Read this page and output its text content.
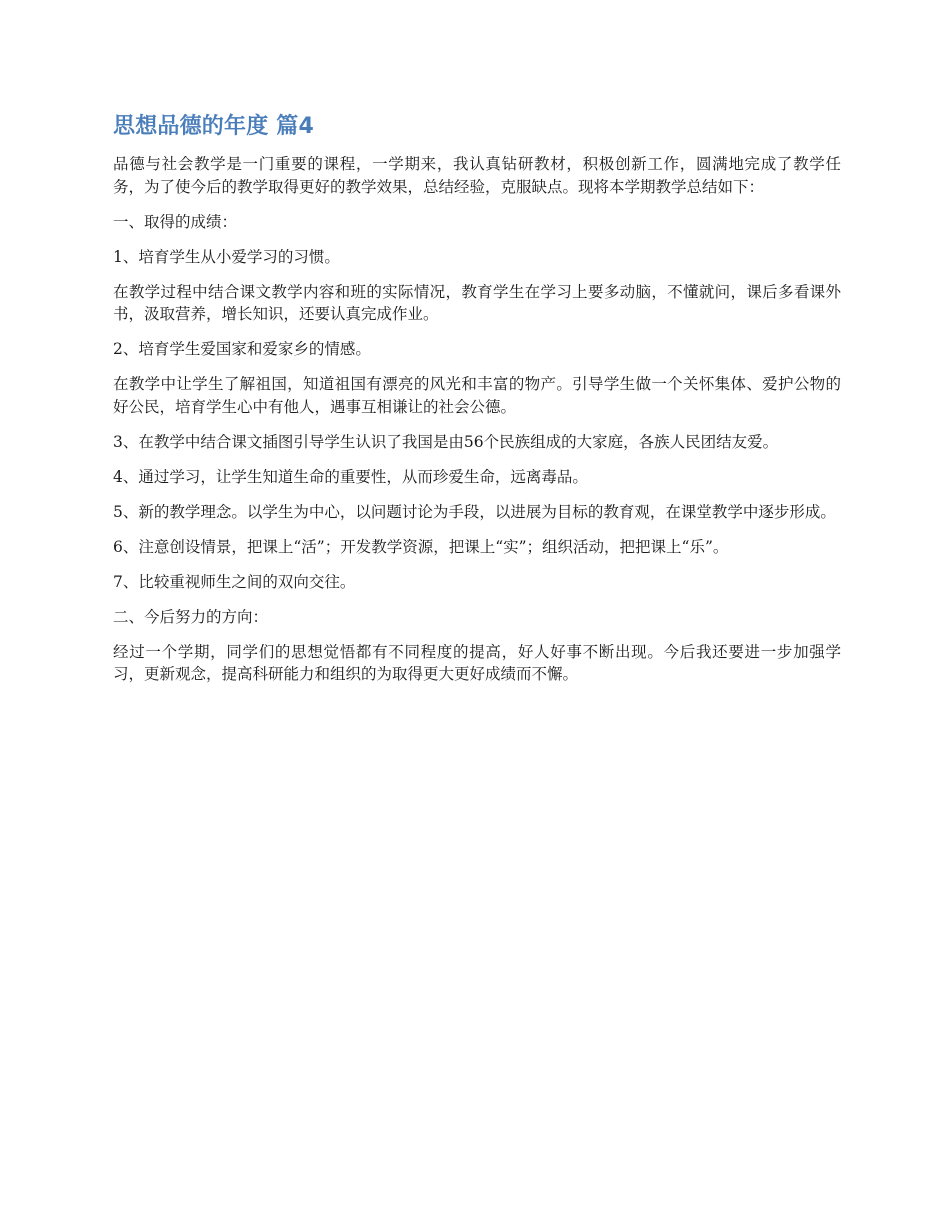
思想品德的年度 篇4

品德与社会教学是一门重要的课程，一学期来，我认真钻研教材，积极创新工作，圆满地完成了教学任务，为了使今后的教学取得更好的教学效果，总结经验，克服缺点。现将本学期教学总结如下：

一、取得的成绩：

1、培育学生从小爱学习的习惯。

在教学过程中结合课文教学内容和班的实际情况，教育学生在学习上要多动脑，不懂就问，课后多看课外书，汲取营养，增长知识，还要认真完成作业。

2、培育学生爱国家和爱家乡的情感。

在教学中让学生了解祖国，知道祖国有漂亮的风光和丰富的物产。引导学生做一个关怀集体、爱护公物的好公民，培育学生心中有他人，遇事互相谦让的社会公德。

3、在教学中结合课文插图引导学生认识了我国是由56个民族组成的大家庭，各族人民团结友爱。

4、通过学习，让学生知道生命的重要性，从而珍爱生命，远离毒品。

5、新的教学理念。以学生为中心，以问题讨论为手段，以进展为目标的教育观，在课堂教学中逐步形成。

6、注意创设情景，把课上“活”；开发教学资源，把课上“实”；组织活动，把把课上“乐”。

7、比较重视师生之间的双向交往。

二、今后努力的方向：

经过一个学期，同学们的思想觉悟都有不同程度的提高，好人好事不断出现。今后我还要进一步加强学习，更新观念，提高科研能力和组织的为取得更大更好成绩而不懈。
